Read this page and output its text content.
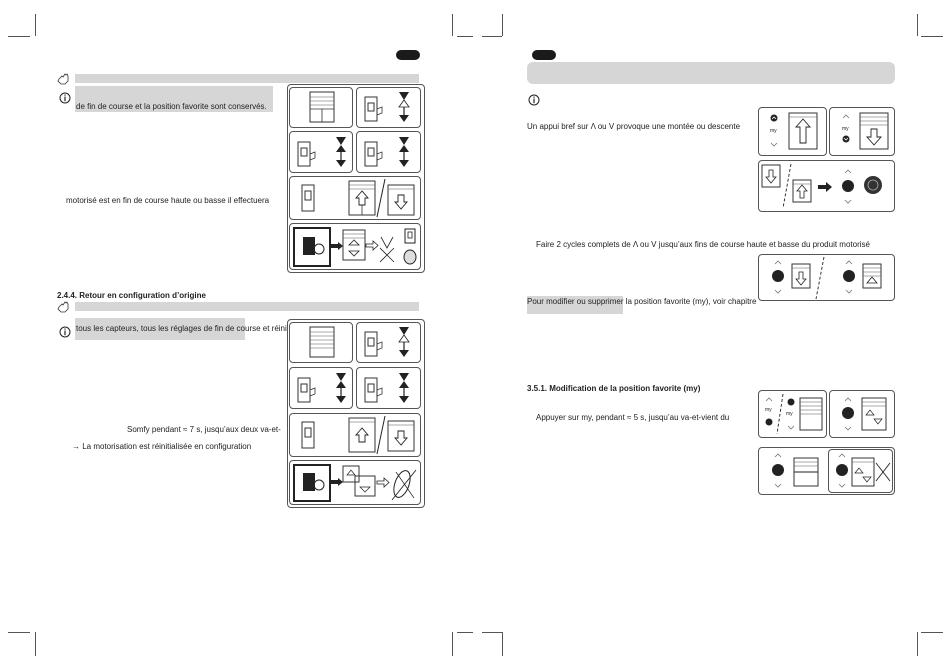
de fin de course et la position favorite sont conservés.
motorisé est en fin de course haute ou basse il effectuera
2.4.4. Retour en configuration d’origine
tous les capteurs, tous les réglages de fin de course et réini
Somfy pendant ≈ 7 s, jusqu’aux deux va-et-
→ La motorisation est réinitialisée en configuration
Un appui bref sur Λ ou V provoque une montée ou descente	my	my
Faire 2 cycles complets de Λ ou V jusqu’aux fins de course haute et basse du produit motorisé
Pour modifier ou supprimer la position favorite (my), voir chapitre
3.5.1. Modification de la position favorite (my)
Appuyer sur my, pendant ≈ 5 s, jusqu’au va-et-vient du
my
my
